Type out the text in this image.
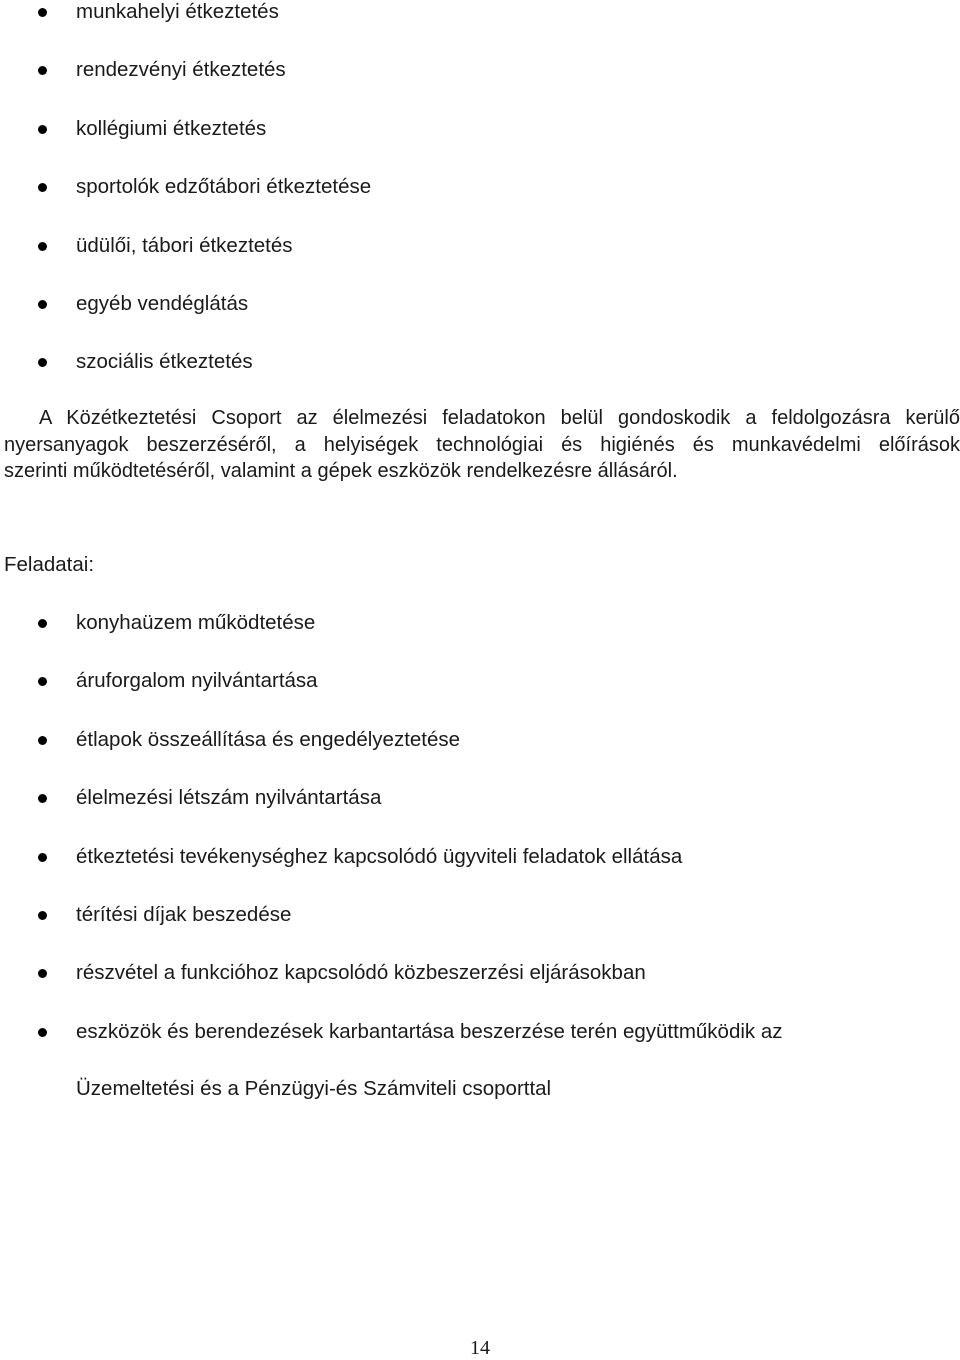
munkahelyi étkeztetés
rendezvényi étkeztetés
kollégiumi étkeztetés
sportolók edzőtábori étkeztetése
üdülői, tábori étkeztetés
egyéb vendéglátás
szociális étkeztetés

A Közétkeztetési Csoport az élelmezési feladatokon belül gondoskodik a feldolgozásra kerülő
nyersanyagok beszerzéséről, a helyiségek technológiai és higiénés és munkavédelmi előírások
szerinti működtetéséről, valamint a gépek eszközök rendelkezésre állásáról.

Feladatai:
konyhaüzem működtetése
áruforgalom nyilvántartása
étlapok összeállítása és engedélyeztetése
élelmezési létszám nyilvántartása
étkeztetési tevékenységhez kapcsolódó ügyviteli feladatok ellátása
térítési díjak beszedése
részvétel a funkcióhoz kapcsolódó közbeszerzési eljárásokban
eszközök és berendezések karbantartása beszerzése terén együttműködik az
Üzemeltetési és a Pénzügyi-és Számviteli csoporttal
14
